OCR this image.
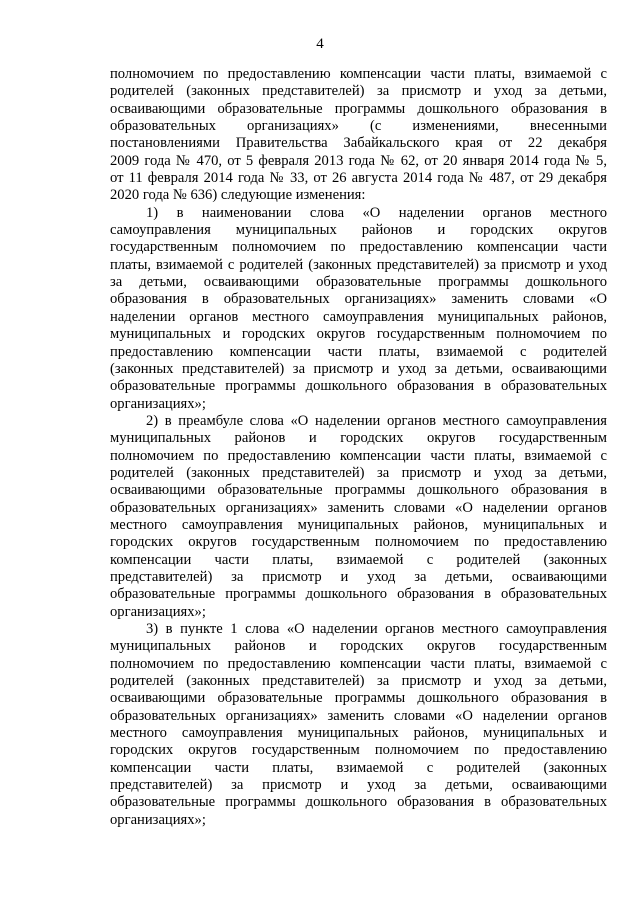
4
полномочием по предоставлению компенсации части платы, взимаемой с
родителей (законных представителей) за присмотр и уход за детьми,
осваивающими образовательные программы дошкольного образования в
образовательных организациях» (с изменениями, внесенными
постановлениями Правительства Забайкальского края от 22 декабря
2009 года № 470, от 5 февраля 2013 года № 62, от 20 января 2014 года № 5,
от 11 февраля 2014 года № 33, от 26 августа 2014 года № 487, от 29 декабря
2020 года № 636) следующие изменения:
1) в наименовании слова «О наделении органов местного
самоуправления муниципальных районов и городских округов
государственным полномочием по предоставлению компенсации части
платы, взимаемой с родителей (законных представителей) за присмотр и уход
за детьми, осваивающими образовательные программы дошкольного
образования в образовательных организациях» заменить словами «О
наделении органов местного самоуправления муниципальных районов,
муниципальных и городских округов государственным полномочием по
предоставлению компенсации части платы, взимаемой с родителей
(законных представителей) за присмотр и уход за детьми, осваивающими
образовательные программы дошкольного образования в образовательных
организациях»;
2) в преамбуле слова «О наделении органов местного самоуправления
муниципальных районов и городских округов государственным
полномочием по предоставлению компенсации части платы, взимаемой с
родителей (законных представителей) за присмотр и уход за детьми,
осваивающими образовательные программы дошкольного образования в
образовательных организациях» заменить словами «О наделении органов
местного самоуправления муниципальных районов, муниципальных и
городских округов государственным полномочием по предоставлению
компенсации части платы, взимаемой с родителей (законных
представителей) за присмотр и уход за детьми, осваивающими
образовательные программы дошкольного образования в образовательных
организациях»;
3) в пункте 1 слова «О наделении органов местного самоуправления
муниципальных районов и городских округов государственным
полномочием по предоставлению компенсации части платы, взимаемой с
родителей (законных представителей) за присмотр и уход за детьми,
осваивающими образовательные программы дошкольного образования в
образовательных организациях» заменить словами «О наделении органов
местного самоуправления муниципальных районов, муниципальных и
городских округов государственным полномочием по предоставлению
компенсации части платы, взимаемой с родителей (законных
представителей) за присмотр и уход за детьми, осваивающими
образовательные программы дошкольного образования в образовательных
организациях»;
